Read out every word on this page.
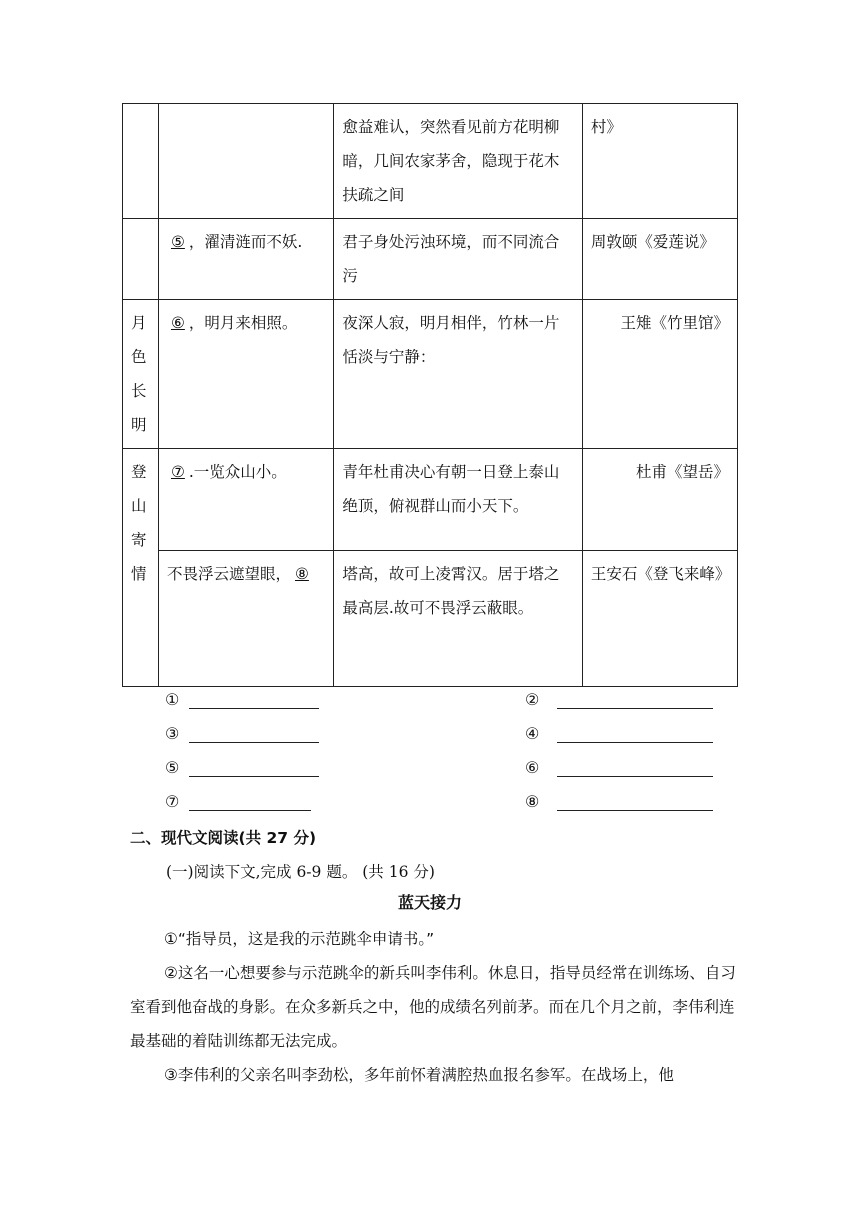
		愈益难认，突然看见前方花明柳暗，几间农家茅舍，隐现于花木扶疏之间	村》
	⑤ ，濯清涟而不妖.	君子身处污浊环境，而不同流合污	周敦颐《爱莲说》

月色长明	⑥ ，明月来相照。	夜深人寂，明月相伴，竹林一片恬淡与宁静：	王雉《竹里馆》

登山寄情	⑦ .一览众山小。	青年杜甫决心有朝一日登上泰山绝顶，俯视群山而小天下。	杜甫《望岳》
	不畏浮云遮望眼， ⑧	塔高，故可上凌霄汉。居于塔之最高层.故可不畏浮云蔽眼。	王安石《登飞来峰》
①	②
③	④
⑤	⑥
⑦	⑧
二、现代文阅读(共 27 分)
(一)阅读下文,完成 6-9 题。 (共 16 分)
蓝天接力
①“指导员，这是我的示范跳伞申请书。”
②这名一心想要参与示范跳伞的新兵叫李伟利。休息日，指导员经常在训练场、自习室看到他奋战的身影。在众多新兵之中，他的成绩名列前茅。而在几个月之前，李伟利连最基础的着陆训练都无法完成。
③李伟利的父亲名叫李劲松，多年前怀着满腔热血报名参军。在战场上，他
